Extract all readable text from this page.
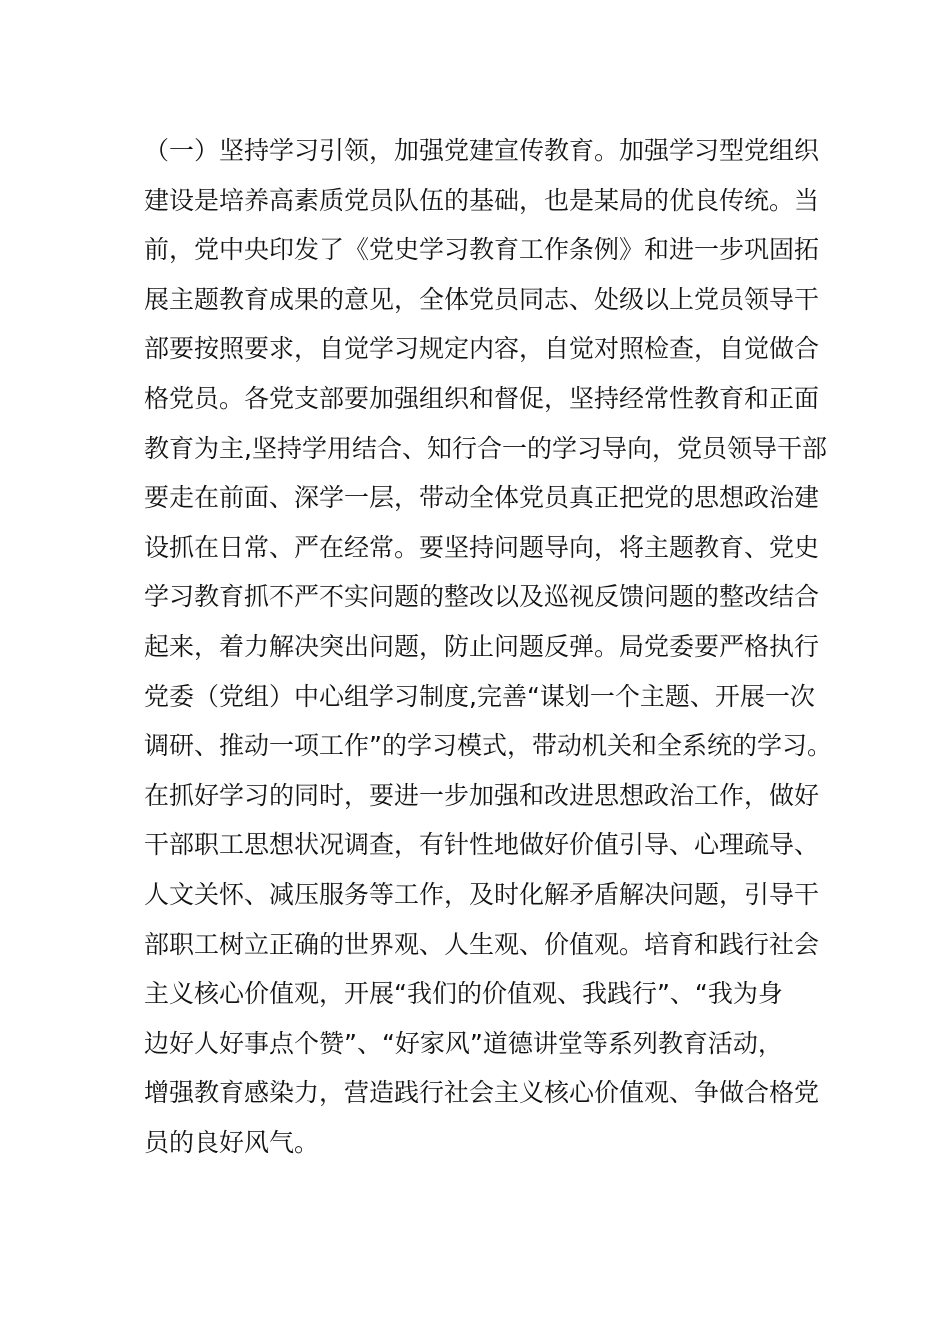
（一）坚持学习引领，加强党建宣传教育。加强学习型党组织
建设是培养高素质党员队伍的基础，也是某局的优良传统。当
前，党中央印发了《党史学习教育工作条例》和进一步巩固拓
展主题教育成果的意见，全体党员同志、处级以上党员领导干
部要按照要求，自觉学习规定内容，自觉对照检查，自觉做合
格党员。各党支部要加强组织和督促，坚持经常性教育和正面
教育为主,坚持学用结合、知行合一的学习导向，党员领导干部
要走在前面、深学一层，带动全体党员真正把党的思想政治建
设抓在日常、严在经常。要坚持问题导向，将主题教育、党史
学习教育抓不严不实问题的整改以及巡视反馈问题的整改结合
起来，着力解决突出问题，防止问题反弹。局党委要严格执行
党委（党组）中心组学习制度,完善“谋划一个主题、开展一次
调研、推动一项工作”的学习模式，带动机关和全系统的学习。
在抓好学习的同时，要进一步加强和改进思想政治工作，做好
干部职工思想状况调查，有针性地做好价值引导、心理疏导、
人文关怀、减压服务等工作，及时化解矛盾解决问题，引导干
部职工树立正确的世界观、人生观、价值观。培育和践行社会
主义核心价值观，开展“我们的价值观、我践行”、“我为身
边好人好事点个赞”、“好家风”道德讲堂等系列教育活动，
增强教育感染力，营造践行社会主义核心价值观、争做合格党
员的良好风气。
